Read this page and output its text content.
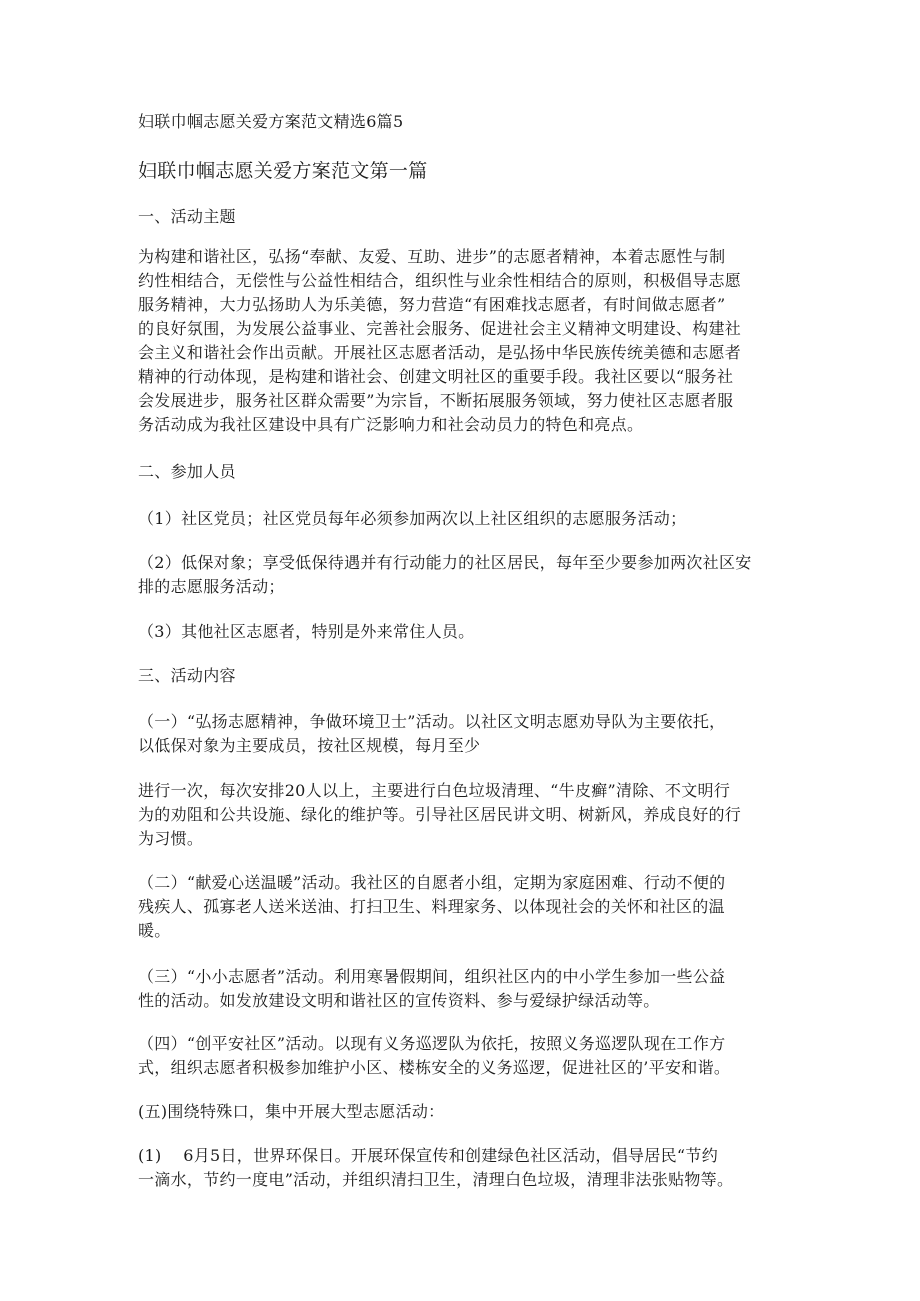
妇联巾帼志愿关爱方案范文精选6篇5

妇联巾帼志愿关爱方案范文第一篇

一、活动主题

为构建和谐社区，弘扬“奉献、友爱、互助、进步”的志愿者精神，本着志愿性与制
约性相结合，无偿性与公益性相结合，组织性与业余性相结合的原则，积极倡导志愿
服务精神，大力弘扬助人为乐美德，努力营造“有困难找志愿者，有时间做志愿者”
的良好氛围，为发展公益事业、完善社会服务、促进社会主义精神文明建设、构建社
会主义和谐社会作出贡献。开展社区志愿者活动，是弘扬中华民族传统美德和志愿者
精神的行动体现，是构建和谐社会、创建文明社区的重要手段。我社区要以“服务社
会发展进步，服务社区群众需要”为宗旨，不断拓展服务领域，努力使社区志愿者服
务活动成为我社区建设中具有广泛影响力和社会动员力的特色和亮点。

二、参加人员

（1）社区党员；社区党员每年必须参加两次以上社区组织的志愿服务活动；

（2）低保对象；享受低保待遇并有行动能力的社区居民，每年至少要参加两次社区安
排的志愿服务活动；

（3）其他社区志愿者，特别是外来常住人员。

三、活动内容

（一）“弘扬志愿精神，争做环境卫士”活动。以社区文明志愿劝导队为主要依托，
以低保对象为主要成员，按社区规模，每月至少

进行一次，每次安排20人以上，主要进行白色垃圾清理、“牛皮癣”清除、不文明行
为的劝阻和公共设施、绿化的维护等。引导社区居民讲文明、树新风，养成良好的行
为习惯。

（二）“献爱心送温暖”活动。我社区的自愿者小组，定期为家庭困难、行动不便的
残疾人、孤寡老人送米送油、打扫卫生、料理家务、以体现社会的关怀和社区的温
暖。

（三）“小小志愿者”活动。利用寒暑假期间，组织社区内的中小学生参加一些公益
性的活动。如发放建设文明和谐社区的宣传资料、参与爱绿护绿活动等。

（四）“创平安社区”活动。以现有义务巡逻队为依托，按照义务巡逻队现在工作方
式，组织志愿者积极参加维护小区、楼栋安全的义务巡逻，促进社区的’平安和谐。

(五)围绕特殊口，集中开展大型志愿活动：

(1)　 6月5日，世界环保日。开展环保宣传和创建绿色社区活动，倡导居民“节约
一滴水，节约一度电”活动，并组织清扫卫生，清理白色垃圾，清理非法张贴物等。
